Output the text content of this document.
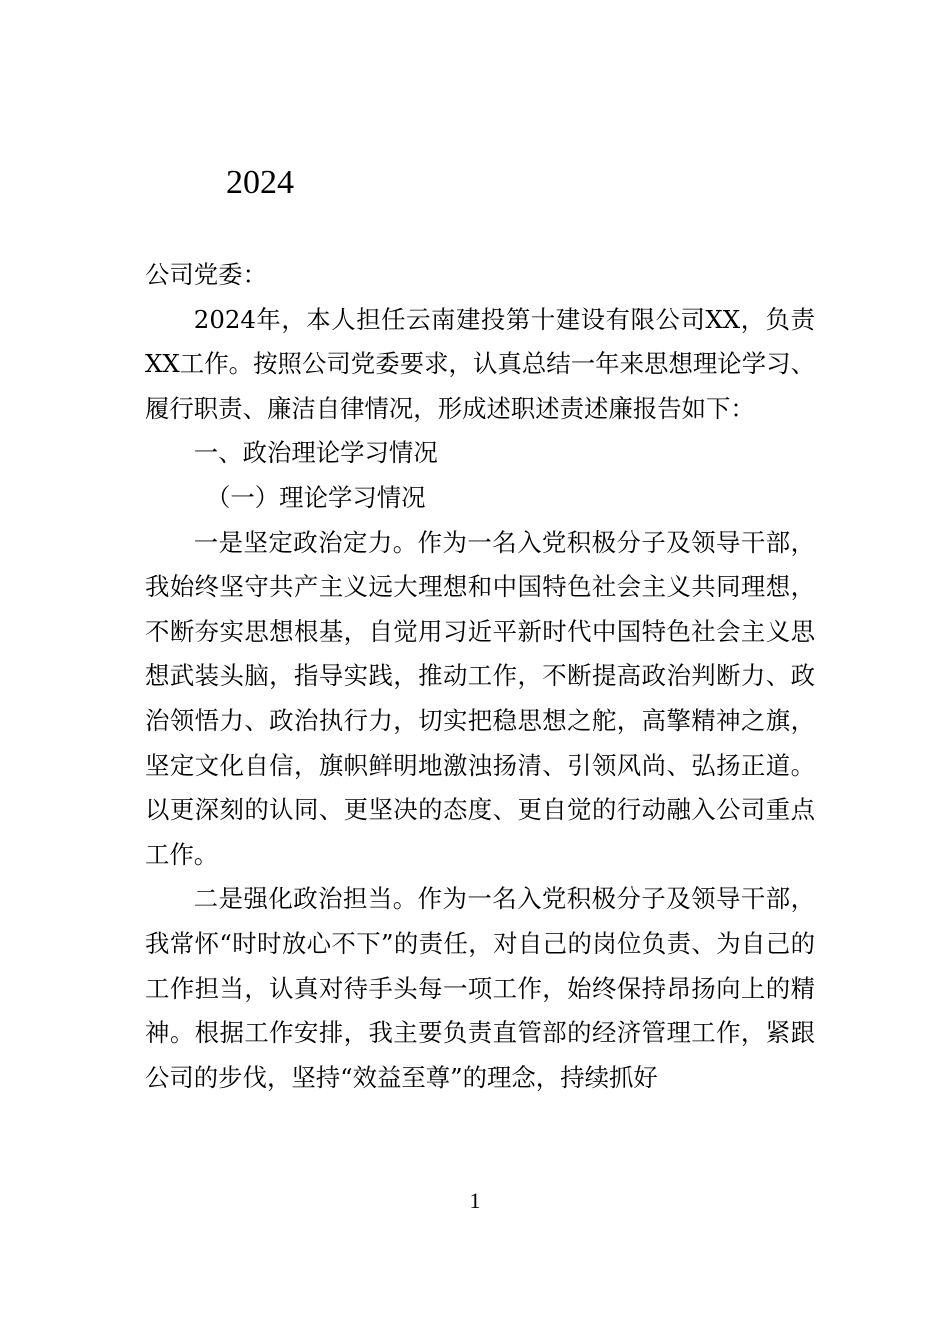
2024

公司党委：

2024年，本人担任云南建投第十建设有限公司XX，负责XX工作。按照公司党委要求，认真总结一年来思想理论学习、履行职责、廉洁自律情况，形成述职述责述廉报告如下：

一、政治理论学习情况

（一）理论学习情况

一是坚定政治定力。作为一名入党积极分子及领导干部，我始终坚守共产主义远大理想和中国特色社会主义共同理想，不断夯实思想根基，自觉用习近平新时代中国特色社会主义思想武装头脑，指导实践，推动工作，不断提高政治判断力、政治领悟力、政治执行力，切实把稳思想之舵，高擎精神之旗，坚定文化自信，旗帜鲜明地激浊扬清、引领风尚、弘扬正道。以更深刻的认同、更坚决的态度、更自觉的行动融入公司重点工作。

二是强化政治担当。作为一名入党积极分子及领导干部，我常怀“时时放心不下”的责任，对自己的岗位负责、为自己的工作担当，认真对待手头每一项工作，始终保持昂扬向上的精神。根据工作安排，我主要负责直管部的经济管理工作，紧跟公司的步伐，坚持“效益至尊”的理念，持续抓好

1
